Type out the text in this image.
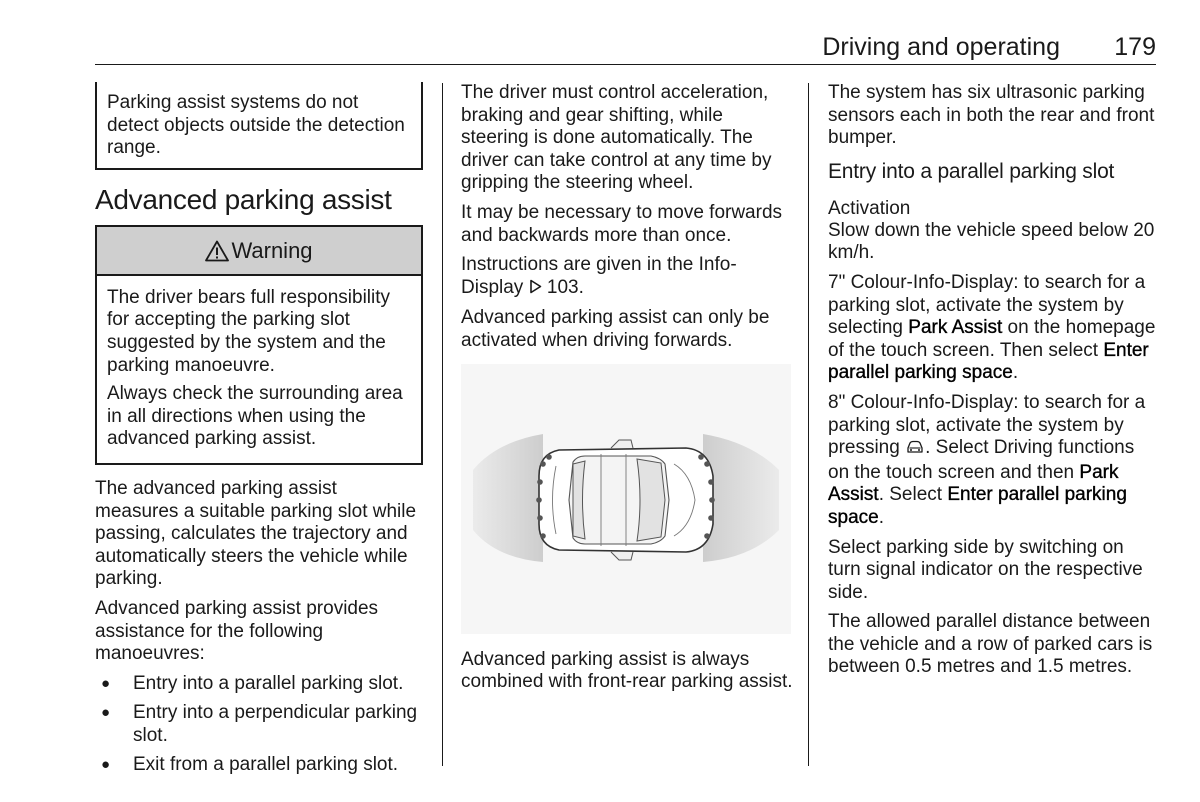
Driving and operating	179

Parking assist systems do not detect objects outside the detection range.

Advanced parking assist
Warning

The driver bears full responsibility for accepting the parking slot suggested by the system and the parking manoeuvre.

Always check the surrounding area in all directions when using the advanced parking assist.

The advanced parking assist measures a suitable parking slot while passing, calculates the trajectory and automatically steers the vehicle while parking.

Advanced parking assist provides assistance for the following manoeuvres:

● Entry into a parallel parking slot.
● Entry into a perpendicular parking slot.
● Exit from a parallel parking slot.

The driver must control acceleration, braking and gear shifting, while steering is done automatically. The driver can take control at any time by gripping the steering wheel.

It may be necessary to move forwards and backwards more than once.

Instructions are given in the Info-Display 103.

Advanced parking assist can only be activated when driving forwards.

Advanced parking assist is always combined with front-rear parking assist.

The system has six ultrasonic parking sensors each in both the rear and front bumper.

Entry into a parallel parking slot
Activation

Slow down the vehicle speed below 20 km/h.

7" Colour-Info-Display: to search for a parking slot, activate the system by selecting Park Assist on the homepage of the touch screen. Then select Enter parallel parking space.

8" Colour-Info-Display: to search for a parking slot, activate the system by pressing . Select Driving functions on the touch screen and then Park Assist. Select Enter parallel parking space.

Select parking side by switching on turn signal indicator on the respective side.

The allowed parallel distance between the vehicle and a row of parked cars is between 0.5 metres and 1.5 metres.
